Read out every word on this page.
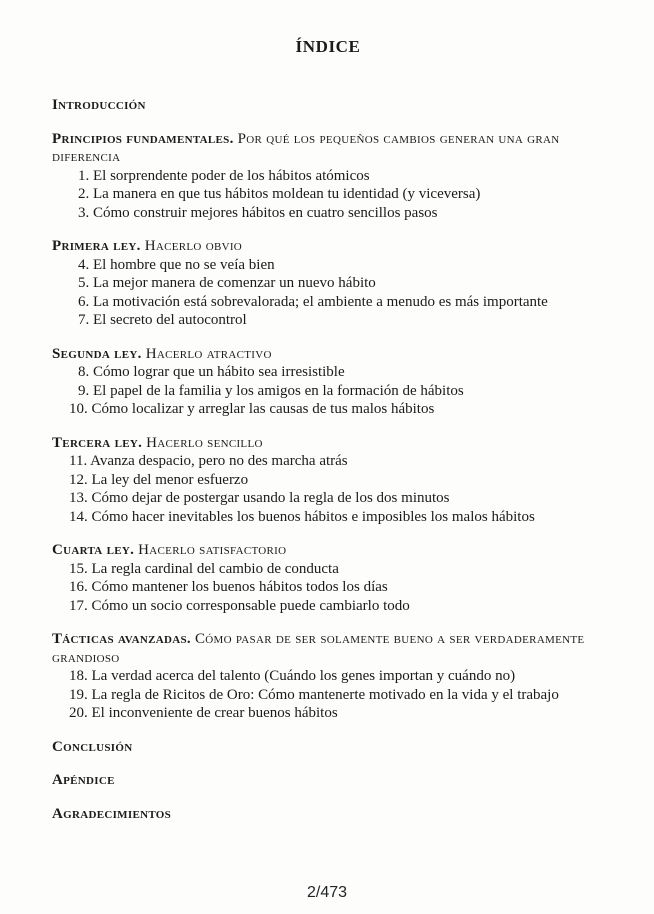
ÍNDICE

Introducción

Principios fundamentales. Por qué los pequeños cambios generan una gran diferencia

1. El sorprendente poder de los hábitos atómicos

2. La manera en que tus hábitos moldean tu identidad (y viceversa)

3. Cómo construir mejores hábitos en cuatro sencillos pasos

Primera ley. Hacerlo obvio

4. El hombre que no se veía bien

5. La mejor manera de comenzar un nuevo hábito

6. La motivación está sobrevalorada; el ambiente a menudo es más importante

7. El secreto del autocontrol

Segunda ley. Hacerlo atractivo

8. Cómo lograr que un hábito sea irresistible

9. El papel de la familia y los amigos en la formación de hábitos

10. Cómo localizar y arreglar las causas de tus malos hábitos

Tercera ley. Hacerlo sencillo

11. Avanza despacio, pero no des marcha atrás

12. La ley del menor esfuerzo

13. Cómo dejar de postergar usando la regla de los dos minutos

14. Cómo hacer inevitables los buenos hábitos e imposibles los malos hábitos

Cuarta ley. Hacerlo satisfactorio

15. La regla cardinal del cambio de conducta

16. Cómo mantener los buenos hábitos todos los días

17. Cómo un socio corresponsable puede cambiarlo todo

Tácticas avanzadas. Cómo pasar de ser solamente bueno a ser verdaderamente grandioso

18. La verdad acerca del talento (Cuándo los genes importan y cuándo no)

19. La regla de Ricitos de Oro: Cómo mantenerte motivado en la vida y el trabajo

20. El inconveniente de crear buenos hábitos

Conclusión

Apéndice

Agradecimientos

2/473
